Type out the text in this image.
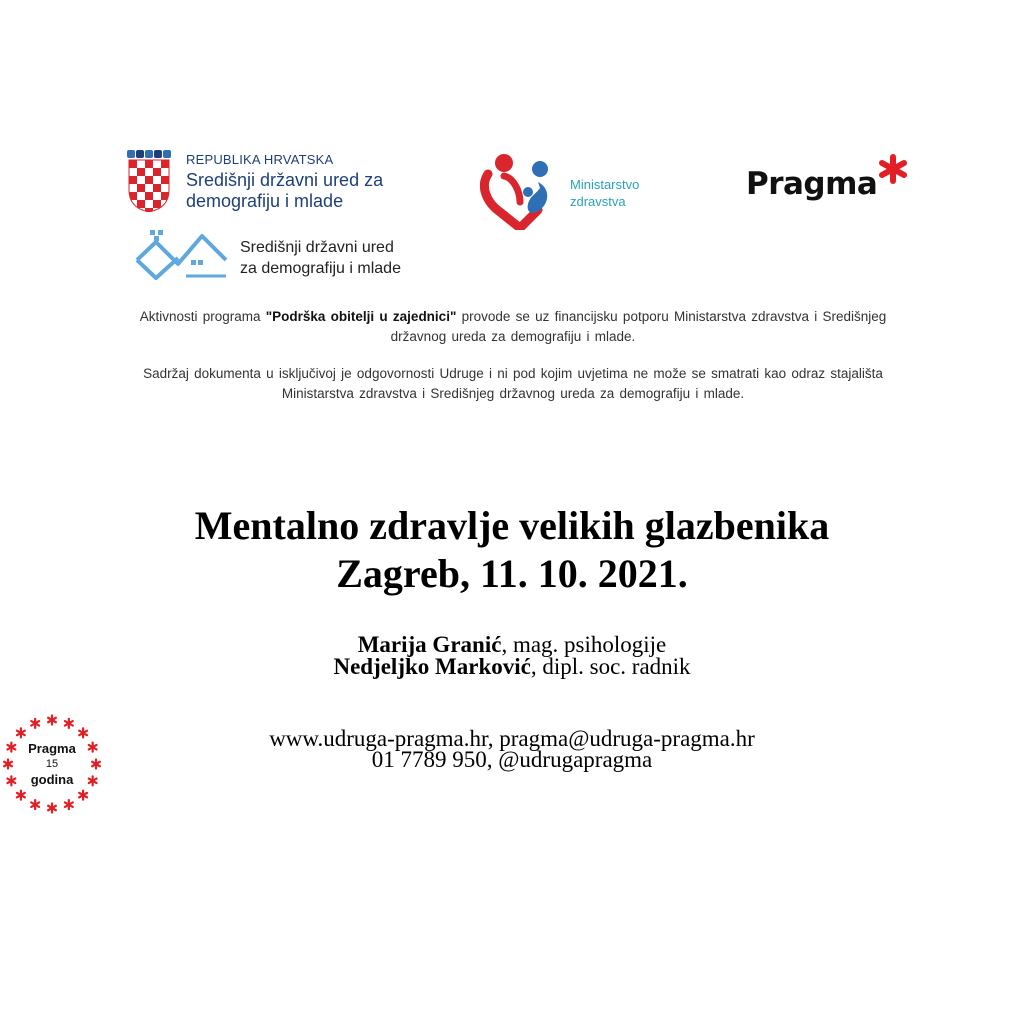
REPUBLIKA HRVATSKA
Središnji državni ured za
demografiju i mlade
Središnji državni ured
za demografiju i mlade
Ministarstvo
zdravstva	Pragma
Aktivnosti programa "Podrška obitelji u zajednici" provode se uz financijsku potporu Ministarstva zdravstva i Središnjeg državnog ureda za demografiju i mlade.
Sadržaj dokumenta u isključivoj je odgovornosti Udruge i ni pod kojim uvjetima ne može se smatrati kao odraz stajališta Ministarstva zdravstva i Središnjeg državnog ureda za demografiju i mlade.
Mentalno zdravlje velikih glazbenika
Zagreb, 11. 10. 2021.
Marija Granić, mag. psihologije
Nedjeljko Marković, dipl. soc. radnik
www.udruga-pragma.hr, pragma@udruga-pragma.hr
01 7789 950, @udrugapragma
Pragma
15
godina
